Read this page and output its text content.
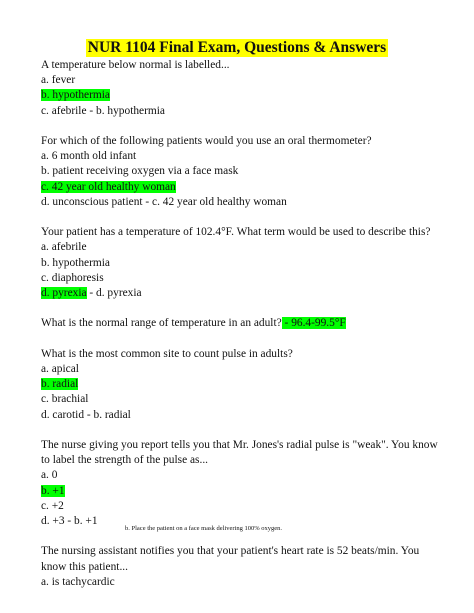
NUR 1104 Final Exam, Questions & Answers

A temperature below normal is labelled...

a. fever

b. hypothermia

c. afebrile - b. hypothermia

For which of the following patients would you use an oral thermometer?

a. 6 month old infant

b. patient receiving oxygen via a face mask

c. 42 year old healthy woman

d. unconscious patient - c. 42 year old healthy woman

Your patient has a temperature of 102.4°F. What term would be used to describe this?

a. afebrile

b. hypothermia

c. diaphoresis

d. pyrexia - d. pyrexia

What is the normal range of temperature in an adult? - 96.4-99.5°F

What is the most common site to count pulse in adults?

a. apical

b. radial

c. brachial

d. carotid - b. radial

The nurse giving you report tells you that Mr. Jones's radial pulse is "weak". You know to label the strength of the pulse as...

a. 0

b. +1

c. +2

d. +3 - b. +1

The nursing assistant notifies you that your patient's heart rate is 52 beats/min. You know this patient...

a. is tachycardic

b. Place the patient on a face mask delivering 100% oxygen.
